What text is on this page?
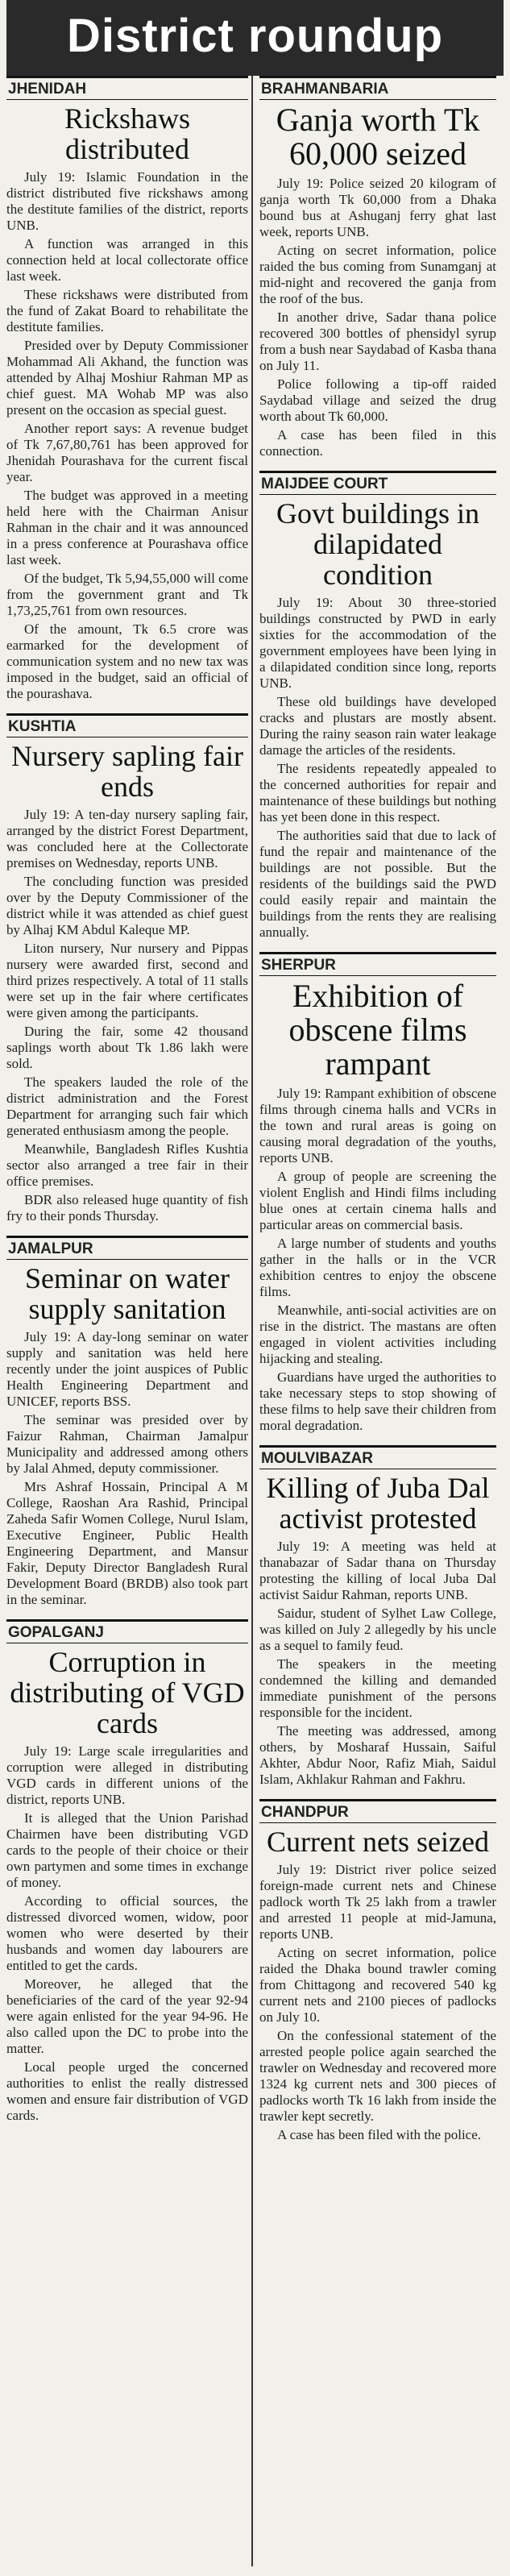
District roundup
JHENIDAH
Rickshaws distributed

July 19: Islamic Foundation in the district distributed five rickshaws among the destitute families of the district, reports UNB.

A function was arranged in this connection held at local collectorate office last week.

These rickshaws were distributed from the fund of Zakat Board to rehabilitate the destitute families.

Presided over by Deputy Commissioner Mohammad Ali Akhand, the function was attended by Alhaj Moshiur Rahman MP as chief guest. MA Wohab MP was also present on the occasion as special guest.

Another report says: A revenue budget of Tk 7,67,80,761 has been approved for Jhenidah Pourashava for the current fiscal year.

The budget was approved in a meeting held here with the Chairman Anisur Rahman in the chair and it was announced in a press conference at Pourashava office last week.

Of the budget, Tk 5,94,55,000 will come from the government grant and Tk 1,73,25,761 from own resources.

Of the amount, Tk 6.5 crore was earmarked for the development of communication system and no new tax was imposed in the budget, said an official of the pourashava.

KUSHTIA
Nursery sapling fair ends

July 19: A ten-day nursery sapling fair, arranged by the district Forest Department, was concluded here at the Collectorate premises on Wednesday, reports UNB.

The concluding function was presided over by the Deputy Commissioner of the district while it was attended as chief guest by Alhaj KM Abdul Kaleque MP.

Liton nursery, Nur nursery and Pippas nursery were awarded first, second and third prizes respectively. A total of 11 stalls were set up in the fair where certificates were given among the participants.

During the fair, some 42 thousand saplings worth about Tk 1.86 lakh were sold.

The speakers lauded the role of the district administration and the Forest Department for arranging such fair which generated enthusiasm among the people.

Meanwhile, Bangladesh Rifles Kushtia sector also arranged a tree fair in their office premises.

BDR also released huge quantity of fish fry to their ponds Thursday.

JAMALPUR
Seminar on water supply sanitation

July 19: A day-long seminar on water supply and sanitation was held here recently under the joint auspices of Public Health Engineering Department and UNICEF, reports BSS.

The seminar was presided over by Faizur Rahman, Chairman Jamalpur Municipality and addressed among others by Jalal Ahmed, deputy commissioner.

Mrs Ashraf Hossain, Principal A M College, Raoshan Ara Rashid, Principal Zaheda Safir Women College, Nurul Islam, Executive Engineer, Public Health Engineering Department, and Mansur Fakir, Deputy Director Bangladesh Rural Development Board (BRDB) also took part in the seminar.

GOPALGANJ
Corruption in distributing of VGD cards

July 19: Large scale irregularities and corruption were alleged in distributing VGD cards in different unions of the district, reports UNB.

It is alleged that the Union Parishad Chairmen have been distributing VGD cards to the people of their choice or their own partymen and some times in exchange of money.

According to official sources, the distressed divorced women, widow, poor women who were deserted by their husbands and women day labourers are entitled to get the cards.

Moreover, he alleged that the beneficiaries of the card of the year 92-94 were again enlisted for the year 94-96. He also called upon the DC to probe into the matter.

Local people urged the concerned authorities to enlist the really distressed women and ensure fair distribution of VGD cards.

BRAHMANBARIA
Ganja worth Tk 60,000 seized

July 19: Police seized 20 kilogram of ganja worth Tk 60,000 from a Dhaka bound bus at Ashuganj ferry ghat last week, reports UNB.

Acting on secret information, police raided the bus coming from Sunamganj at mid-night and recovered the ganja from the roof of the bus.

In another drive, Sadar thana police recovered 300 bottles of phensidyl syrup from a bush near Saydabad of Kasba thana on July 11.

Police following a tip-off raided Saydabad village and seized the drug worth about Tk 60,000.

A case has been filed in this connection.

MAIJDEE COURT
Govt buildings in dilapidated condition

July 19: About 30 three-storied buildings constructed by PWD in early sixties for the accommodation of the government employees have been lying in a dilapidated condition since long, reports UNB.

These old buildings have developed cracks and plustars are mostly absent. During the rainy season rain water leakage damage the articles of the residents.

The residents repeatedly appealed to the concerned authorities for repair and maintenance of these buildings but nothing has yet been done in this respect.

The authorities said that due to lack of fund the repair and maintenance of the buildings are not possible. But the residents of the buildings said the PWD could easily repair and maintain the buildings from the rents they are realising annually.

SHERPUR
Exhibition of obscene films rampant

July 19: Rampant exhibition of obscene films through cinema halls and VCRs in the town and rural areas is going on causing moral degradation of the youths, reports UNB.

A group of people are screening the violent English and Hindi films including blue ones at certain cinema halls and particular areas on commercial basis.

A large number of students and youths gather in the halls or in the VCR exhibition centres to enjoy the obscene films.

Meanwhile, anti-social activities are on rise in the district. The mastans are often engaged in violent activities including hijacking and stealing.

Guardians have urged the authorities to take necessary steps to stop showing of these films to help save their children from moral degradation.

MOULVIBAZAR
Killing of Juba Dal activist protested

July 19: A meeting was held at thanabazar of Sadar thana on Thursday protesting the killing of local Juba Dal activist Saidur Rahman, reports UNB.

Saidur, student of Sylhet Law College, was killed on July 2 allegedly by his uncle as a sequel to family feud.

The speakers in the meeting condemned the killing and demanded immediate punishment of the persons responsible for the incident.

The meeting was addressed, among others, by Mosharaf Hussain, Saiful Akhter, Abdur Noor, Rafiz Miah, Saidul Islam, Akhlakur Rahman and Fakhru.

CHANDPUR
Current nets seized

July 19: District river police seized foreign-made current nets and Chinese padlock worth Tk 25 lakh from a trawler and arrested 11 people at mid-Jamuna, reports UNB.

Acting on secret information, police raided the Dhaka bound trawler coming from Chittagong and recovered 540 kg current nets and 2100 pieces of padlocks on July 10.

On the confessional statement of the arrested people police again searched the trawler on Wednesday and recovered more 1324 kg current nets and 300 pieces of padlocks worth Tk 16 lakh from inside the trawler kept secretly.

A case has been filed with the police.
